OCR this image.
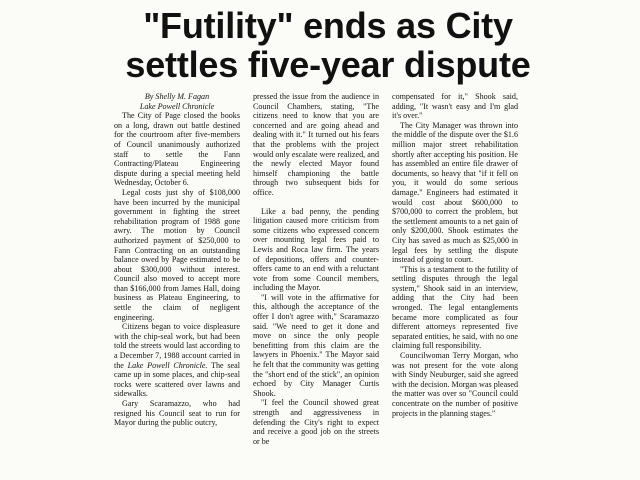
"Futility" ends as City
settles five-year dispute
By Shelly M. Fagan
Lake Powell Chronicle

The City of Page closed the books on a long, drawn out battle destined for the courtroom after five-members of Council unanimously authorized staff to settle the Fann Contracting/Plateau Engineering dispute during a special meeting held Wednesday, October 6.

Legal costs just shy of $108,000 have been incurred by the municipal government in fighting the street rehabilitation program of 1988 gone awry. The motion by Council authorized payment of $250,000 to Fann Contracting on an outstanding balance owed by Page estimated to be about $300,000 without interest. Council also moved to accept more than $166,000 from James Hall, doing business as Plateau Engineering, to settle the claim of negligent engineering.

Citizens began to voice displeasure with the chip-seal work, but had been told the streets would last according to a December 7, 1988 account carried in the Lake Powell Chronicle. The seal came up in some places, and chip-seal rocks were scattered over lawns and sidewalks.

Gary Scaramazzo, who had resigned his Council seat to run for Mayor during the public outcry,

pressed the issue from the audience in Council Chambers, stating, "The citizens need to know that you are concerned and are going ahead and dealing with it." It turned out his fears that the problems with the project would only escalate were realized, and the newly elected Mayor found himself championing the battle through two subsequent bids for office.

Like a bad penny, the pending litigation caused more criticism from some citizens who expressed concern over mounting legal fees paid to Lewis and Roca law firm. The years of depositions, offers and counter-offers came to an end with a reluctant vote from some Council members, including the Mayor.

"I will vote in the affirmative for this, although the acceptance of the offer I don't agree with," Scaramazzo said. "We need to get it done and move on since the only people benefitting from this claim are the lawyers in Phoenix." The Mayor said he felt that the community was getting the "short end of the stick", an opinion echoed by City Manager Curtis Shook.

"I feel the Council showed great strength and aggressiveness in defending the City's right to expect and receive a good job on the streets or be

compensated for it," Shook said, adding, "It wasn't easy and I'm glad it's over."

The City Manager was thrown into the middle of the dispute over the $1.6 million major street rehabilitation shortly after accepting his position. He has assembled an entire file drawer of documents, so heavy that "if it fell on you, it would do some serious damage." Engineers had estimated it would cost about $600,000 to $700,000 to correct the problem, but the settlement amounts to a net gain of only $200,000. Shook estimates the City has saved as much as $25,000 in legal fees by settling the dispute instead of going to court.

"This is a testament to the futility of settling disputes through the legal system," Shook said in an interview, adding that the City had been wronged. The legal entanglements became more complicated as four different attorneys represented five separated entities, he said, with no one claiming full responsibility.

Councilwoman Terry Morgan, who was not present for the vote along with Sindy Neuburger, said she agreed with the decision. Morgan was pleased the matter was over so "Council could concentrate on the number of positive projects in the planning stages."
